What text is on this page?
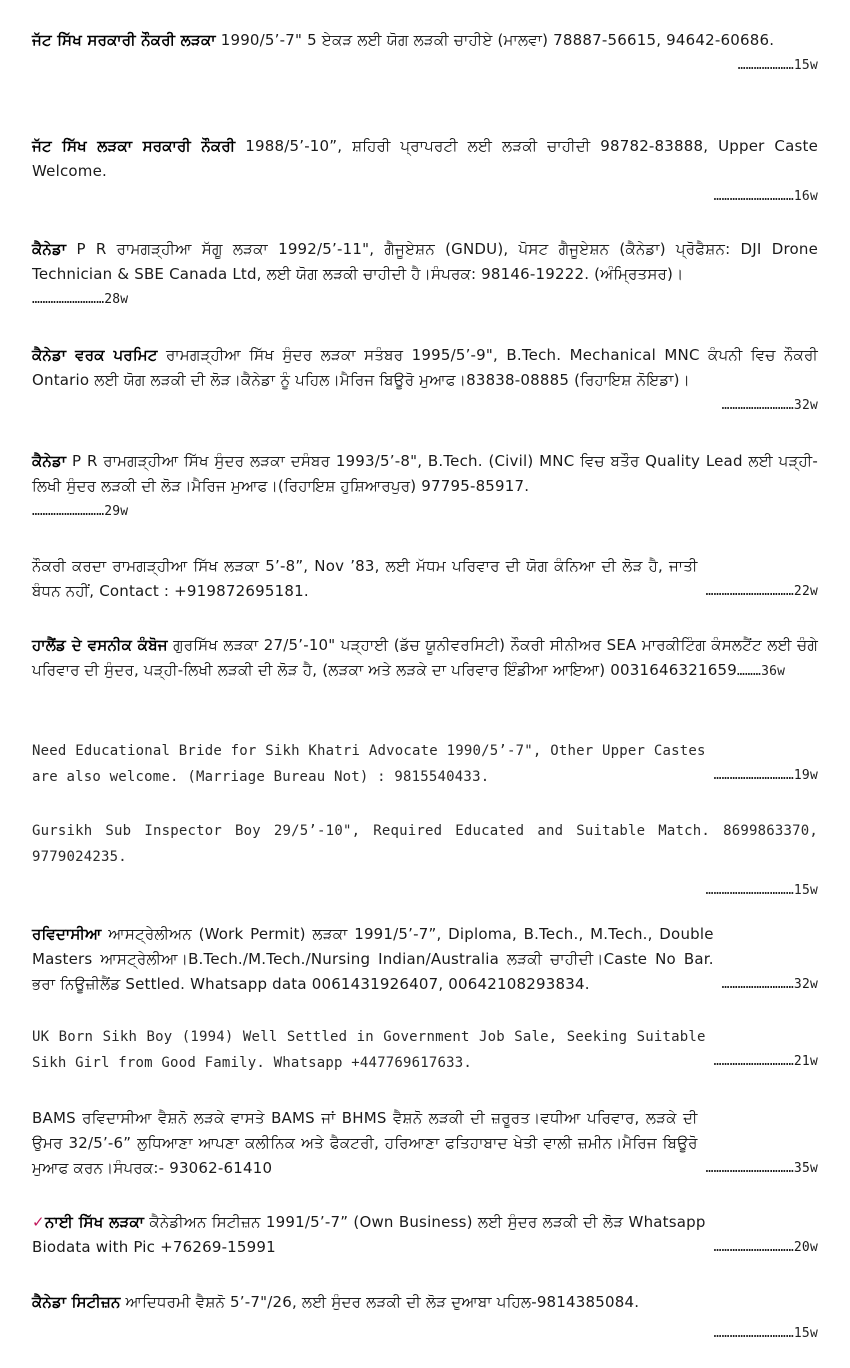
ਜੱਟ ਸਿੱਖ ਸਰਕਾਰੀ ਨੌਕਰੀ ਲੜਕਾ 1990/5’-7" 5 ਏਕੜ ਲਈ ਯੋਗ ਲੜਕੀ ਚਾਹੀਏ (ਮਾਲਵਾ) 78887-56615, 94642-60686.
…………………15w
ਜੱਟ ਸਿੱਖ ਲੜਕਾ ਸਰਕਾਰੀ ਨੌਕਰੀ 1988/5’-10”, ਸ਼ਹਿਰੀ ਪ੍ਰਾਪਰਟੀ ਲਈ ਲੜਕੀ ਚਾਹੀਦੀ 98782-83888, Upper Caste Welcome.
…………………………16w
ਕੈਨੇਡਾ P R ਰਾਮਗੜ੍ਹੀਆ ਸੱਗੂ ਲੜਕਾ 1992/5’-11", ਗੈਜੂਏਸ਼ਨ (GNDU), ਪੋਸਟ ਗੈਜੂਏਸ਼ਨ (ਕੈਨੇਡਾ) ਪ੍ਰੋਫੈਸ਼ਨ: DJI Drone Technician & SBE Canada Ltd, ਲਈ ਯੋਗ ਲੜਕੀ ਚਾਹੀਦੀ ਹੈ।ਸੰਪਰਕ: 98146-19222. (ਅੰਮ੍ਰਿਤਸਰ)।
………………………28w
ਕੈਨੇਡਾ ਵਰਕ ਪਰਮਿਟ ਰਾਮਗੜ੍ਹੀਆ ਸਿੱਖ ਸੁੰਦਰ ਲੜਕਾ ਸਤੰਬਰ 1995/5’-9", B.Tech. Mechanical MNC ਕੰਪਨੀ ਵਿਚ ਨੌਕਰੀ Ontario ਲਈ ਯੋਗ ਲੜਕੀ ਦੀ ਲੋੜ।ਕੈਨੇਡਾ ਨੂੰ ਪਹਿਲ।ਮੈਰਿਜ ਬਿਊਰੋ ਮੁਆਫ।83838-08885 (ਰਿਹਾਇਸ਼ ਨੋਇਡਾ)।
………………………32w
ਕੈਨੇਡਾ P R ਰਾਮਗੜ੍ਹੀਆ ਸਿੱਖ ਸੁੰਦਰ ਲੜਕਾ ਦਸੰਬਰ 1993/5’-8", B.Tech. (Civil) MNC ਵਿਚ ਬਤੌਰ Quality Lead ਲਈ ਪੜ੍ਹੀ-ਲਿਖੀ ਸੁੰਦਰ ਲੜਕੀ ਦੀ ਲੋੜ।ਮੈਰਿਜ ਮੁਆਫ।(ਰਿਹਾਇਸ਼ ਹੁਸ਼ਿਆਰਪੁਰ) 97795-85917.
………………………29w
……………………………22w
ਨੌਕਰੀ ਕਰਦਾ ਰਾਮਗੜ੍ਹੀਆ ਸਿੱਖ ਲੜਕਾ 5’-8”, Nov ’83, ਲਈ ਮੱਧਮ ਪਰਿਵਾਰ ਦੀ ਯੋਗ ਕੰਨਿਆ ਦੀ ਲੋੜ ਹੈ, ਜਾਤੀ ਬੰਧਨ ਨਹੀਂ, Contact : +919872695181.
ਹਾਲੈਂਡ ਦੇ ਵਸਨੀਕ ਕੰਬੋਜ ਗੁਰਸਿੱਖ ਲੜਕਾ 27/5’-10" ਪੜ੍ਹਾਈ (ਡੱਚ ਯੂਨੀਵਰਸਿਟੀ) ਨੌਕਰੀ ਸੀਨੀਅਰ SEA ਮਾਰਕੀਟਿੰਗ ਕੰਸਲਟੈਂਟ ਲਈ ਚੰਗੇ ਪਰਿਵਾਰ ਦੀ ਸੁੰਦਰ, ਪੜ੍ਹੀ-ਲਿਖੀ ਲੜਕੀ ਦੀ ਲੋੜ ਹੈ, (ਲੜਕਾ ਅਤੇ ਲੜਕੇ ਦਾ ਪਰਿਵਾਰ ਇੰਡੀਆ ਆਇਆ) 0031646321659………36w
…………………………19w
Need Educational Bride for Sikh Khatri Advocate 1990/5’-7", Other Upper Castes are also welcome. (Marriage Bureau Not) : 9815540433.
Gursikh Sub Inspector Boy 29/5’-10", Required Educated and Suitable Match. 8699863370, 9779024235.
……………………………15w
………………………32w
ਰਵਿਦਾਸੀਆ ਆਸਟ੍ਰੇਲੀਅਨ (Work Permit) ਲੜਕਾ 1991/5’-7”, Diploma, B.Tech., M.Tech., Double Masters ਆਸਟ੍ਰੇਲੀਆ।B.Tech./M.Tech./Nursing Indian/Australia ਲੜਕੀ ਚਾਹੀਦੀ।Caste No Bar. ਭਰਾ ਨਿਊਜ਼ੀਲੈਂਡ Settled. Whatsapp data 0061431926407, 00642108293834.
…………………………21w
UK Born Sikh Boy (1994) Well Settled in Government Job Sale, Seeking Suitable Sikh Girl from Good Family. Whatsapp +447769617633.
……………………………35w
BAMS ਰਵਿਦਾਸੀਆ ਵੈਸ਼ਨੋ ਲੜਕੇ ਵਾਸਤੇ BAMS ਜਾਂ BHMS ਵੈਸ਼ਨੋ ਲੜਕੀ ਦੀ ਜ਼ਰੂਰਤ।ਵਧੀਆ ਪਰਿਵਾਰ, ਲੜਕੇ ਦੀ ਉਮਰ 32/5’-6” ਲੁਧਿਆਣਾ ਆਪਣਾ ਕਲੀਨਿਕ ਅਤੇ ਫੈਕਟਰੀ, ਹਰਿਆਣਾ ਫਤਿਹਾਬਾਦ ਖੇਤੀ ਵਾਲੀ ਜ਼ਮੀਨ।ਮੈਰਿਜ ਬਿਊਰੋ ਮੁਆਫ ਕਰਨ।ਸੰਪਰਕ:- 93062-61410
…………………………20w
✓ਨਾਈ ਸਿੱਖ ਲੜਕਾ ਕੈਨੇਡੀਅਨ ਸਿਟੀਜ਼ਨ 1991/5’-7” (Own Business) ਲਈ ਸੁੰਦਰ ਲੜਕੀ ਦੀ ਲੋੜ Whatsapp Biodata with Pic +76269-15991
ਕੈਨੇਡਾ ਸਿਟੀਜ਼ਨ ਆਦਿਧਰਮੀ ਵੈਸ਼ਨੋ 5’-7"/26, ਲਈ ਸੁੰਦਰ ਲੜਕੀ ਦੀ ਲੋੜ ਦੁਆਬਾ ਪਹਿਲ-9814385084.
…………………………15w
